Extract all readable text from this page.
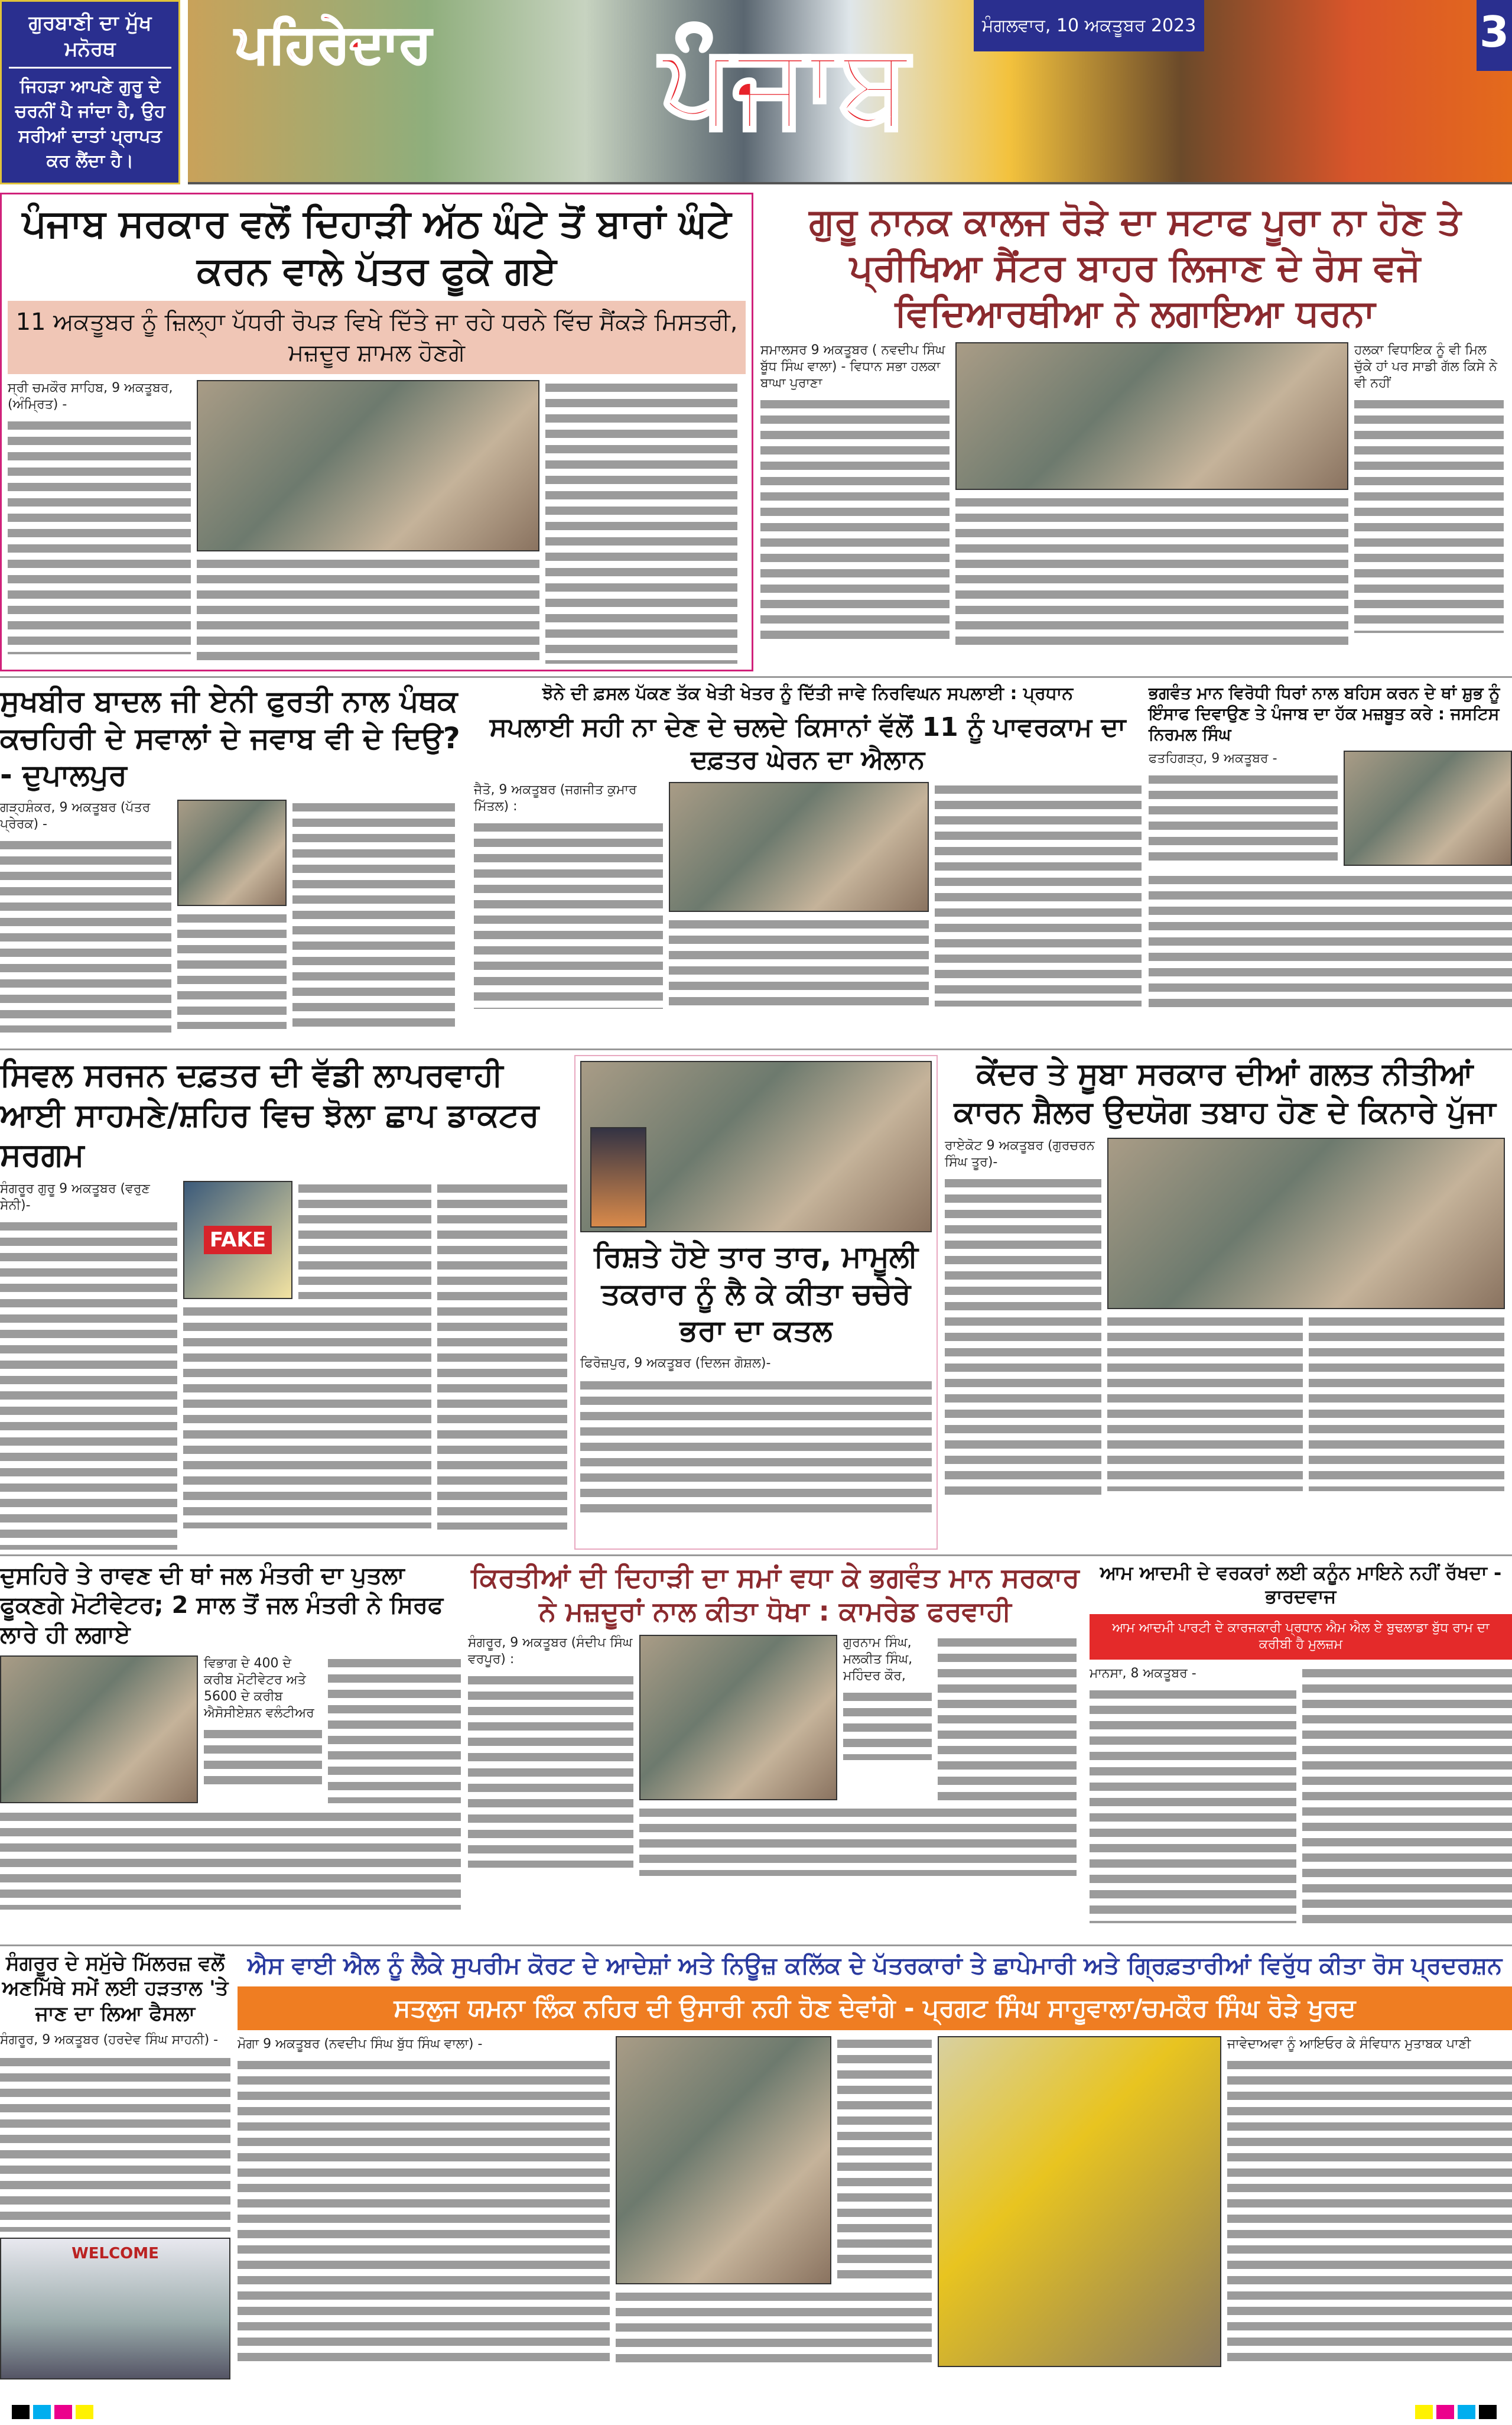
ਗੁਰਬਾਣੀ ਦਾ ਮੁੱਖ ਮਨੋਰਥ
ਜਿਹੜਾ ਆਪਣੇ ਗੁਰੂ ਦੇ ਚਰਨੀਂ ਪੈ ਜਾਂਦਾ ਹੈ, ਉਹ ਸਰੀਆਂ ਦਾਤਾਂ ਪ੍ਰਾਪਤ ਕਰ ਲੈਂਦਾ ਹੈ।
ਪਹਿਰੇਦਾਰ ਪੰਜਾਬ	ਮੰਗਲਵਾਰ, 10 ਅਕਤੂਬਰ 2023	3
ਪੰਜਾਬ ਸਰਕਾਰ ਵਲੋਂ ਦਿਹਾੜੀ ਅੱਠ ਘੰਟੇ ਤੋਂ ਬਾਰਾਂ ਘੰਟੇ ਕਰਨ ਵਾਲੇ ਪੱਤਰ ਫੂਕੇ ਗਏ
11 ਅਕਤੂਬਰ ਨੂੰ ਜ਼ਿਲ੍ਹਾ ਪੱਧਰੀ ਰੋਪੜ ਵਿਖੇ ਦਿੱਤੇ ਜਾ ਰਹੇ ਧਰਨੇ ਵਿੱਚ ਸੈਂਕੜੇ ਮਿਸਤਰੀ, ਮਜ਼ਦੂਰ ਸ਼ਾਮਲ ਹੋਣਗੇ
ਸ੍ਰੀ ਚਮਕੌਰ ਸਾਹਿਬ, 9 ਅਕਤੂਬਰ, (ਅੰਮ੍ਰਿਤ) -
ਗੁਰੂ ਨਾਨਕ ਕਾਲਜ ਰੋੜੇ ਦਾ ਸਟਾਫ ਪੂਰਾ ਨਾ ਹੋਣ ਤੇ ਪ੍ਰੀਖਿਆ ਸੈਂਟਰ ਬਾਹਰ ਲਿਜਾਣ ਦੇ ਰੋਸ ਵਜੋ ਵਿਦਿਆਰਥੀਆ ਨੇ ਲਗਾਇਆ ਧਰਨਾ
ਸਮਾਲਸਰ 9 ਅਕਤੂਬਰ ( ਨਵਦੀਪ ਸਿੰਘ ਬੂੱਧ ਸਿੰਘ ਵਾਲਾ) - ਵਿਧਾਨ ਸਭਾ ਹਲਕਾ ਬਾਘਾ ਪੁਰਾਣਾ
ਹਲਕਾ ਵਿਧਾਇਕ ਨੂੰ ਵੀ ਮਿਲ ਚੁੱਕੇ ਹਾਂ ਪਰ ਸਾਡੀ ਗੱਲ ਕਿਸੇ ਨੇ ਵੀ ਨਹੀਂ
ਸੁਖਬੀਰ ਬਾਦਲ ਜੀ ਏਨੀ ਫੁਰਤੀ ਨਾਲ ਪੰਥਕ ਕਚਹਿਰੀ ਦੇ ਸਵਾਲਾਂ ਦੇ ਜਵਾਬ ਵੀ ਦੇ ਦਿਉ? - ਦੁਪਾਲਪੁਰ
ਗੜ੍ਹਸ਼ੰਕਰ, 9 ਅਕਤੂਬਰ (ਪੱਤਰ ਪ੍ਰੇਰਕ) -
ਝੋਨੇ ਦੀ ਫ਼ਸਲ ਪੱਕਣ ਤੱਕ ਖੇਤੀ ਖੇਤਰ ਨੂੰ ਦਿੱਤੀ ਜਾਵੇ ਨਿਰਵਿਘਨ ਸਪਲਾਈ : ਪ੍ਰਧਾਨ
ਸਪਲਾਈ ਸਹੀ ਨਾ ਦੇਣ ਦੇ ਚਲਦੇ ਕਿਸਾਨਾਂ ਵੱਲੋਂ 11 ਨੂੰ ਪਾਵਰਕਾਮ ਦਾ ਦਫ਼ਤਰ ਘੇਰਨ ਦਾ ਐਲਾਨ
ਜੈਤੋ, 9 ਅਕਤੂਬਰ (ਜਗਜੀਤ ਕੁਮਾਰ ਮਿੱਤਲ) :
ਭਗਵੰਤ ਮਾਨ ਵਿਰੋਧੀ ਧਿਰਾਂ ਨਾਲ ਬਹਿਸ ਕਰਨ ਦੇ ਥਾਂ ਸ਼ੁਭ ਨੂੰ ਇੰਸਾਫ ਦਿਵਾਉਣ ਤੇ ਪੰਜਾਬ ਦਾ ਹੱਕ ਮਜ਼ਬੂਤ ਕਰੇ : ਜਸਟਿਸ ਨਿਰਮਲ ਸਿੰਘ
ਫਤਹਿਗੜ੍ਹ, 9 ਅਕਤੂਬਰ -
ਸਿਵਲ ਸਰਜਨ ਦਫ਼ਤਰ ਦੀ ਵੱਡੀ ਲਾਪਰਵਾਹੀ ਆਈ ਸਾਹਮਣੇ/ਸ਼ਹਿਰ ਵਿਚ ਝੋਲਾ ਛਾਪ ਡਾਕਟਰ ਸਰਗਮ
ਸੰਗਰੂਰ ਗੁਰੂ 9 ਅਕਤੂਬਰ (ਵਰੁਣ ਸੇਨੀ)-
FAKE	ਰਿਸ਼ਤੇ ਹੋਏ ਤਾਰ ਤਾਰ, ਮਾਮੂਲੀ ਤਕਰਾਰ ਨੂੰ ਲੈ ਕੇ ਕੀਤਾ ਚਚੇਰੇ ਭਰਾ ਦਾ ਕਤਲ
ਫਿਰੋਜ਼ਪੁਰ, 9 ਅਕਤੂਬਰ (ਦਿਲਜ ਗੋਸ਼ਲ)-
ਕੇਂਦਰ ਤੇ ਸੂਬਾ ਸਰਕਾਰ ਦੀਆਂ ਗਲਤ ਨੀਤੀਆਂ ਕਾਰਨ ਸ਼ੈਲਰ ਉਦਯੋਗ ਤਬਾਹ ਹੋਣ ਦੇ ਕਿਨਾਰੇ ਪੁੱਜਾ
ਰਾਏਕੋਟ 9 ਅਕਤੂਬਰ (ਗੁਰਚਰਨ ਸਿੰਘ ਤੂਰ)-
ਦੁਸਹਿਰੇ ਤੇ ਰਾਵਣ ਦੀ ਥਾਂ ਜਲ ਮੰਤਰੀ ਦਾ ਪੁਤਲਾ ਫੂਕਣਗੇ ਮੋਟੀਵੇਟਰ; 2 ਸਾਲ ਤੋਂ ਜਲ ਮੰਤਰੀ ਨੇ ਸਿਰਫ ਲਾਰੇ ਹੀ ਲਗਾਏ
ਵਿਭਾਗ ਦੇ 400 ਦੇ ਕਰੀਬ ਮੋਟੀਵੇਟਰ ਅਤੇ 5600 ਦੇ ਕਰੀਬ ਐਸੋਸੀਏਸ਼ਨ ਵਲੰਟੀਅਰ
ਕਿਰਤੀਆਂ ਦੀ ਦਿਹਾੜੀ ਦਾ ਸਮਾਂ ਵਧਾ ਕੇ ਭਗਵੰਤ ਮਾਨ ਸਰਕਾਰ ਨੇ ਮਜ਼ਦੂਰਾਂ ਨਾਲ ਕੀਤਾ ਧੋਖਾ : ਕਾਮਰੇਡ ਫਰਵਾਹੀ
ਸੰਗਰੂਰ, 9 ਅਕਤੂਬਰ (ਸੰਦੀਪ ਸਿੰਘ ਵਰਪੂਰ) :
ਗੁਰਨਾਮ ਸਿੰਘ, ਮਲਕੀਤ ਸਿੰਘ, ਮਹਿੰਦਰ ਕੌਰ,
ਆਮ ਆਦਮੀ ਦੇ ਵਰਕਰਾਂ ਲਈ ਕਨੂੰਨ ਮਾਇਨੇ ਨਹੀਂ ਰੱਖਦਾ - ਭਾਰਦਵਾਜ
ਆਮ ਆਦਮੀ ਪਾਰਟੀ ਦੇ ਕਾਰਜਕਾਰੀ ਪ੍ਰਧਾਨ ਐਮ ਐਲ ਏ ਬੁਢਲਾਡਾ ਬੁੱਧ ਰਾਮ ਦਾ ਕਰੀਬੀ ਹੈ ਮੁਲਜ਼ਮ
ਮਾਨਸਾ, 8 ਅਕਤੂਬਰ -
ਸੰਗਰੂਰ ਦੇ ਸਮੁੱਚੇ ਮਿੱਲਰਜ਼ ਵਲੋਂ ਅਣਮਿੱਥੇ ਸਮੇਂ ਲਈ ਹੜਤਾਲ 'ਤੇ ਜਾਣ ਦਾ ਲਿਆ ਫੈਸਲਾ
ਸੰਗਰੂਰ, 9 ਅਕਤੂਬਰ (ਹਰਦੇਵ ਸਿੰਘ ਸਾਹਨੀ) -
WELCOME
ਐਸ ਵਾਈ ਐਲ ਨੂੰ ਲੈਕੇ ਸੁਪਰੀਮ ਕੋਰਟ ਦੇ ਆਦੇਸ਼ਾਂ ਅਤੇ ਨਿਊਜ਼ ਕਲਿੱਕ ਦੇ ਪੱਤਰਕਾਰਾਂ ਤੇ ਛਾਪੇਮਾਰੀ ਅਤੇ ਗ੍ਰਿਫ਼ਤਾਰੀਆਂ ਵਿਰੁੱਧ ਕੀਤਾ ਰੋਸ ਪ੍ਰਦਰਸ਼ਨ
ਸਤਲੁਜ ਯਮਨਾ ਲਿੰਕ ਨਹਿਰ ਦੀ ਉਸਾਰੀ ਨਹੀ ਹੋਣ ਦੇਵਾਂਗੇ - ਪ੍ਰਗਟ ਸਿੰਘ ਸਾਹੂਵਾਲਾ/ਚਮਕੌਰ ਸਿੰਘ ਰੋੜੇ ਖੁਰਦ
ਮੋਗਾ 9 ਅਕਤੂਬਰ (ਨਵਦੀਪ ਸਿੰਘ ਬੁੱਧ ਸਿੰਘ ਵਾਲਾ) -	ਜਾਵੇਦਾਅਵਾ ਨੂੰ ਆਇਓਰ ਕੇ ਸੰਵਿਧਾਨ ਮੁਤਾਬਕ ਪਾਣੀ
